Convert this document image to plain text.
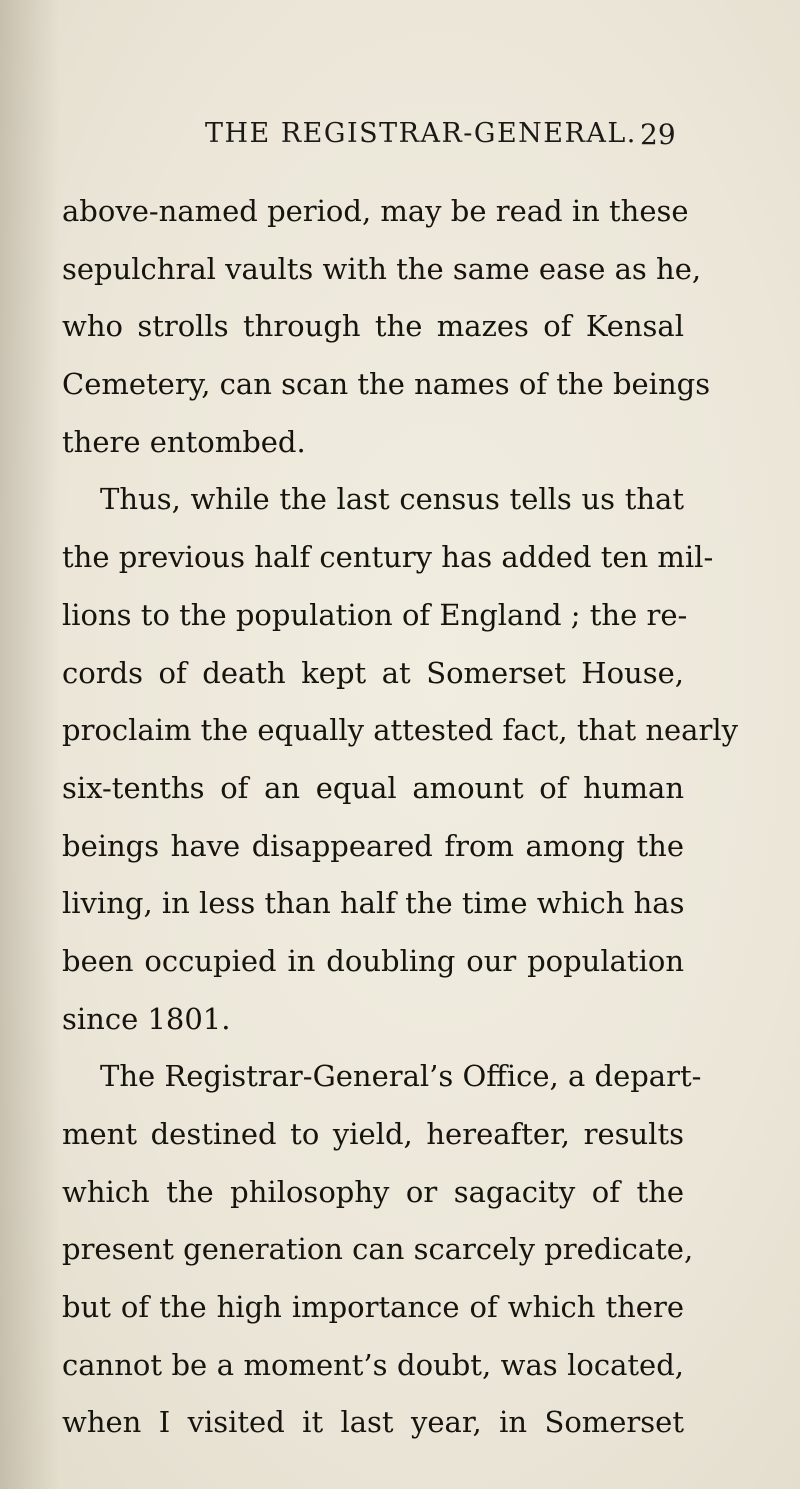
THE REGISTRAR-GENERAL. 29
above-named period, may be read in these
sepulchral vaults with the same ease as he,
who strolls through the mazes of Kensal
Cemetery, can scan the names of the beings
there entombed.
Thus, while the last census tells us that
the previous half century has added ten mil-
lions to the population of England ; the re-
cords of death kept at Somerset House,
proclaim the equally attested fact, that nearly
six-tenths of an equal amount of human
beings have disappeared from among the
living, in less than half the time which has
been occupied in doubling our population
since 1801.
The Registrar-General’s Office, a depart-
ment destined to yield, hereafter, results
which the philosophy or sagacity of the
present generation can scarcely predicate,
but of the high importance of which there
cannot be a moment’s doubt, was located,
when I visited it last year, in Somerset
